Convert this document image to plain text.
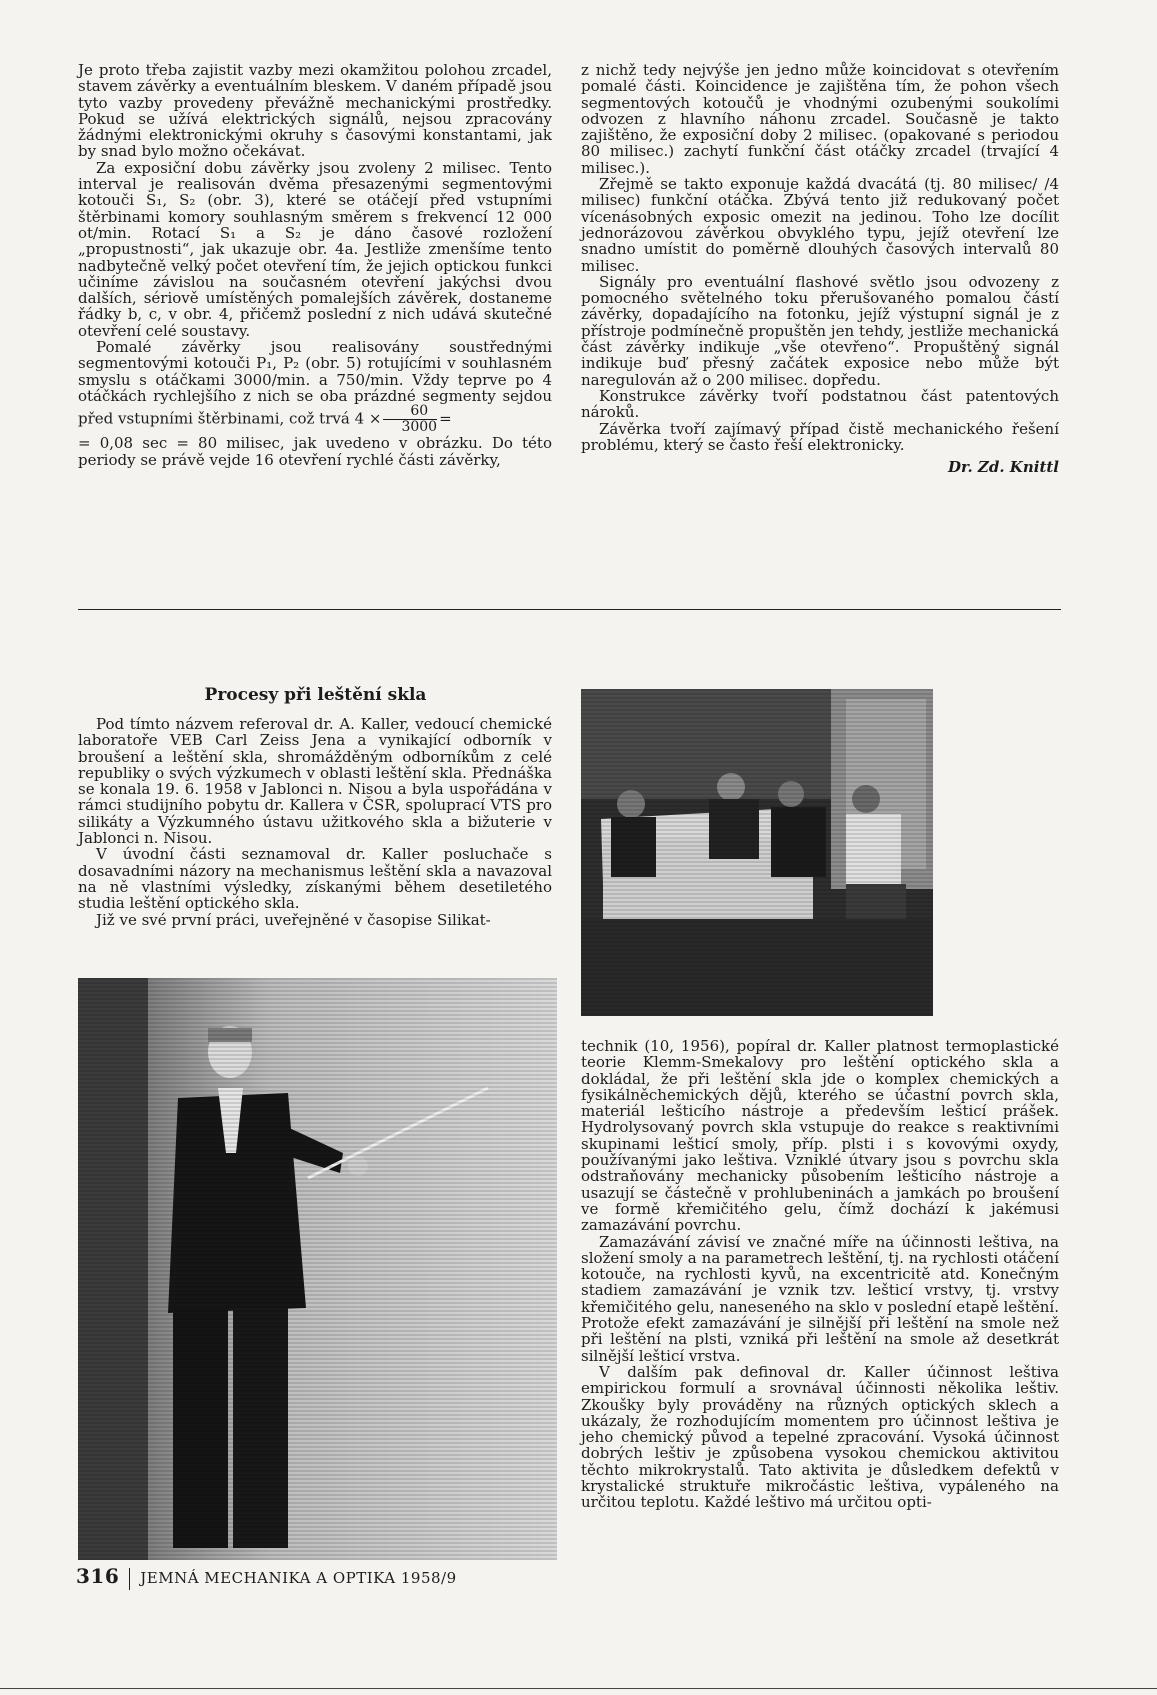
Je proto třeba zajistit vazby mezi okamžitou polohou zrcadel, stavem závěrky a eventuálním bleskem. V daném případě jsou tyto vazby provedeny převážně mechanickými prostředky. Pokud se užívá elektrických signálů, nejsou zpracovány žádnými elektronickými okruhy s časovými konstantami, jak by snad bylo možno očekávat.

Za exposiční dobu závěrky jsou zvoleny 2 milisec. Tento interval je realisován dvěma přesazenými segmentovými kotouči S₁, S₂ (obr. 3), které se otáčejí před vstupními štěrbinami komory souhlasným směrem s frekvencí 12 000 ot/min. Rotací S₁ a S₂ je dáno časové rozložení „propustnosti“, jak ukazuje obr. 4a. Jestliže zmenšíme tento nadbytečně velký počet otevření tím, že jejich optickou funkci učiníme závislou na současném otevření jakýchsi dvou dalších, sériově umístěných pomalejších závěrek, dostaneme řádky b, c, v obr. 4, přičemž poslední z nich udává skutečné otevření celé soustavy.

Pomalé závěrky jsou realisovány soustřednými segmentovými kotouči P₁, P₂ (obr. 5) rotujícími v souhlasném smyslu s otáčkami 3000/min. a 750/min. Vždy teprve po 4 otáčkách rychlejšího z nich se oba prázdné segmenty sejdou před vstupními štěrbinami, což trvá $4 \times \frac{60}{3000}$ =

= 0,08 sec = 80 milisec, jak uvedeno v obrázku. Do této periody se právě vejde 16 otevření rychlé části závěrky,

z nichž tedy nejvýše jen jedno může koincidovat s otevřením pomalé části. Koincidence je zajištěna tím, že pohon všech segmentových kotoučů je vhodnými ozubenými soukolími odvozen z hlavního náhonu zrcadel. Současně je takto zajištěno, že exposiční doby 2 milisec. (opakované s periodou 80 milisec.) zachytí funkční část otáčky zrcadel (trvající 4 milisec.).

Zřejmě se takto exponuje každá dvacátá (tj. 80 milisec/ /4 milisec) funkční otáčka. Zbývá tento již redukovaný počet vícenásobných exposic omezit na jedinou. Toho lze docílit jednorázovou závěrkou obvyklého typu, jejíž otevření lze snadno umístit do poměrně dlouhých časových intervalů 80 milisec.

Signály pro eventuální flashové světlo jsou odvozeny z pomocného světelného toku přerušovaného pomalou částí závěrky, dopadajícího na fotonku, jejíž výstupní signál je z přístroje podmínečně propuštěn jen tehdy, jestliže mechanická část závěrky indikuje „vše otevřeno“. Propuštěný signál indikuje buď přesný začátek exposice nebo může být naregulován až o 200 milisec. dopředu.

Konstrukce závěrky tvoří podstatnou část patentových nároků.

Závěrka tvoří zajímavý případ čistě mechanického řešení problému, který se často řeší elektronicky.

Dr. Zd. Knittl

Procesy při leštění skla

Pod tímto názvem referoval dr. A. Kaller, vedoucí chemické laboratoře VEB Carl Zeiss Jena a vynikající odborník v broušení a leštění skla, shromážděným odborníkům z celé republiky o svých výzkumech v oblasti leštění skla. Přednáška se konala 19. 6. 1958 v Jablonci n. Nisou a byla uspořádána v rámci studijního pobytu dr. Kallera v ČSR, spoluprací VTS pro silikáty a Výzkumného ústavu užitkového skla a bižuterie v Jablonci n. Nisou.

V úvodní části seznamoval dr. Kaller posluchače s dosavadními názory na mechanismus leštění skla a navazoval na ně vlastními výsledky, získanými během desetiletého studia leštění optického skla.

Již ve své první práci, uveřejněné v časopise Silikat-

technik (10, 1956), popíral dr. Kaller platnost termoplastické teorie Klemm-Smekalovy pro leštění optického skla a dokládal, že při leštění skla jde o komplex chemických a fysikálněchemických dějů, kterého se účastní povrch skla, materiál lešticího nástroje a především lešticí prášek. Hydrolysovaný povrch skla vstupuje do reakce s reaktivními skupinami lešticí smoly, příp. plsti i s kovovými oxydy, používanými jako leštiva. Vzniklé útvary jsou s povrchu skla odstraňovány mechanicky působením lešticího nástroje a usazují se částečně v prohlubeninách a jamkách po broušení ve formě křemičitého gelu, čímž dochází k jakémusi zamazávání povrchu.

Zamazávání závisí ve značné míře na účinnosti leštiva, na složení smoly a na parametrech leštění, tj. na rychlosti otáčení kotouče, na rychlosti kyvů, na excentricitě atd. Konečným stadiem zamazávání je vznik tzv. lešticí vrstvy, tj. vrstvy křemičitého gelu, naneseného na sklo v poslední etapě leštění. Protože efekt zamazávání je silnější při leštění na smole než při leštění na plsti, vzniká při leštění na smole až desetkrát silnější lešticí vrstva.

V dalším pak definoval dr. Kaller účinnost leštiva empirickou formulí a srovnával účinnosti několika leštiv. Zkoušky byly prováděny na různých optických sklech a ukázaly, že rozhodujícím momentem pro účinnost leštiva je jeho chemický původ a tepelné zpracování. Vysoká účinnost dobrých leštiv je způsobena vysokou chemickou aktivitou těchto mikrokrystalů. Tato aktivita je důsledkem defektů v krystalické struktuře mikročástic leštiva, vypáleného na určitou teplotu. Každé leštivo má určitou opti-

316 JEMNÁ MECHANIKA A OPTIKA 1958/9
